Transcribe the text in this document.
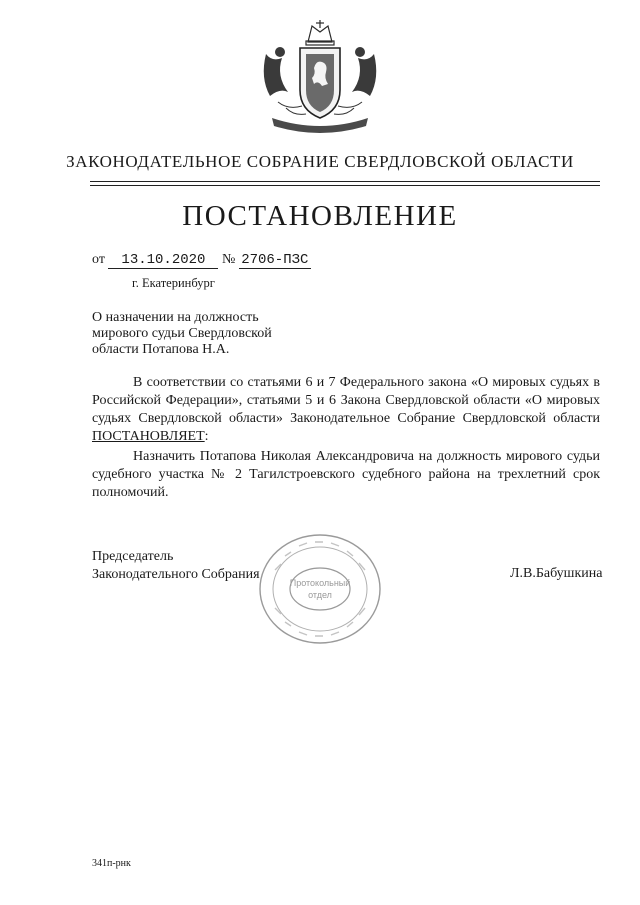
ЗАКОНОДАТЕЛЬНОЕ СОБРАНИЕ СВЕРДЛОВСКОЙ ОБЛАСТИ
ПОСТАНОВЛЕНИЕ
от 13.10.2020 № 2706-ПЗС
г. Екатеринбург
О назначении на должность
мирового судьи Свердловской
области Потапова Н.А.

В соответствии со статьями 6 и 7 Федерального закона «О мировых судьях в Российской Федерации», статьями 5 и 6 Закона Свердловской области «О мировых судьях Свердловской области» Законодательное Собрание Свердловской области ПОСТАНОВЛЯЕТ:

Назначить Потапова Николая Александровича на должность мирового судьи судебного участка № 2 Тагилстроевского судебного района на трехлетний срок полномочий.

Председатель
Законодательного Собрания	Л.В.Бабушкина
Протокольный
отдел
341п-рнк
